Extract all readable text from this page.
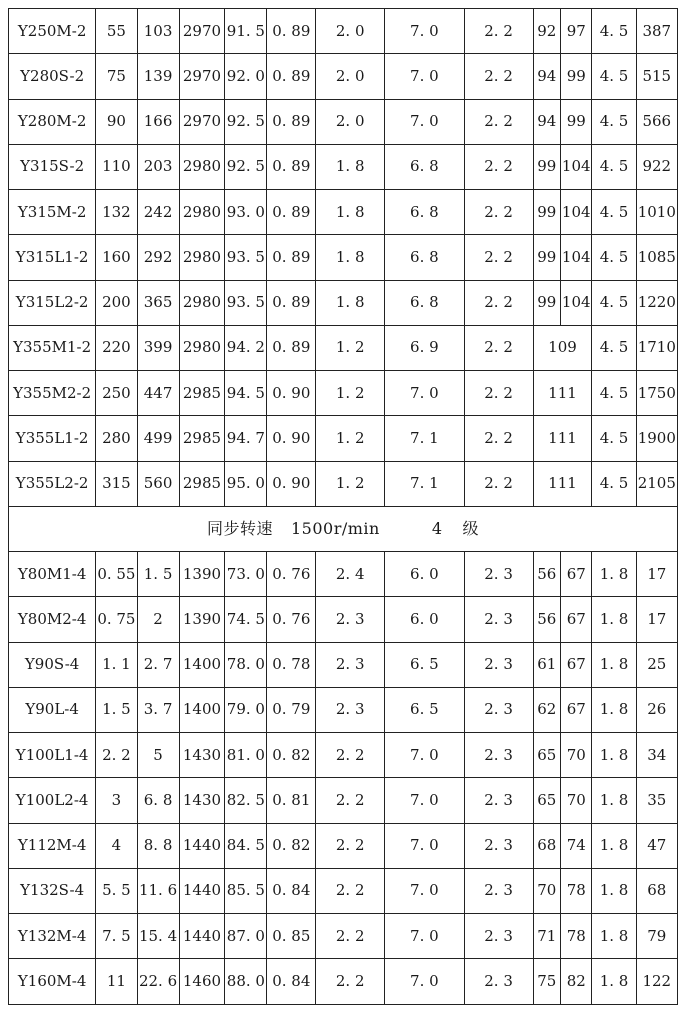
Y250M-2	55	103	2970	91. 5	0. 89	2. 0	7. 0	2. 2	92	97	4. 5	387
Y280S-2	75	139	2970	92. 0	0. 89	2. 0	7. 0	2. 2	94	99	4. 5	515
Y280M-2	90	166	2970	92. 5	0. 89	2. 0	7. 0	2. 2	94	99	4. 5	566
Y315S-2	110	203	2980	92. 5	0. 89	1. 8	6. 8	2. 2	99	104	4. 5	922
Y315M-2	132	242	2980	93. 0	0. 89	1. 8	6. 8	2. 2	99	104	4. 5	1010
Y315L1-2	160	292	2980	93. 5	0. 89	1. 8	6. 8	2. 2	99	104	4. 5	1085
Y315L2-2	200	365	2980	93. 5	0. 89	1. 8	6. 8	2. 2	99	104	4. 5	1220
Y355M1-2	220	399	2980	94. 2	0. 89	1. 2	6. 9	2. 2	109		4. 5	1710
Y355M2-2	250	447	2985	94. 5	0. 90	1. 2	7. 0	2. 2	111		4. 5	1750
Y355L1-2	280	499	2985	94. 7	0. 90	1. 2	7. 1	2. 2	111		4. 5	1900
Y355L2-2	315	560	2985	95. 0	0. 90	1. 2	7. 1	2. 2	111		4. 5	2105
同步转速 1500r/min 4 级												
Y80M1-4	0. 55	1. 5	1390	73. 0	0. 76	2. 4	6. 0	2. 3	56	67	1. 8	17
Y80M2-4	0. 75	2	1390	74. 5	0. 76	2. 3	6. 0	2. 3	56	67	1. 8	17
Y90S-4	1. 1	2. 7	1400	78. 0	0. 78	2. 3	6. 5	2. 3	61	67	1. 8	25
Y90L-4	1. 5	3. 7	1400	79. 0	0. 79	2. 3	6. 5	2. 3	62	67	1. 8	26
Y100L1-4	2. 2	5	1430	81. 0	0. 82	2. 2	7. 0	2. 3	65	70	1. 8	34
Y100L2-4	3	6. 8	1430	82. 5	0. 81	2. 2	7. 0	2. 3	65	70	1. 8	35
Y112M-4	4	8. 8	1440	84. 5	0. 82	2. 2	7. 0	2. 3	68	74	1. 8	47
Y132S-4	5. 5	11. 6	1440	85. 5	0. 84	2. 2	7. 0	2. 3	70	78	1. 8	68
Y132M-4	7. 5	15. 4	1440	87. 0	0. 85	2. 2	7. 0	2. 3	71	78	1. 8	79
Y160M-4	11	22. 6	1460	88. 0	0. 84	2. 2	7. 0	2. 3	75	82	1. 8	122
